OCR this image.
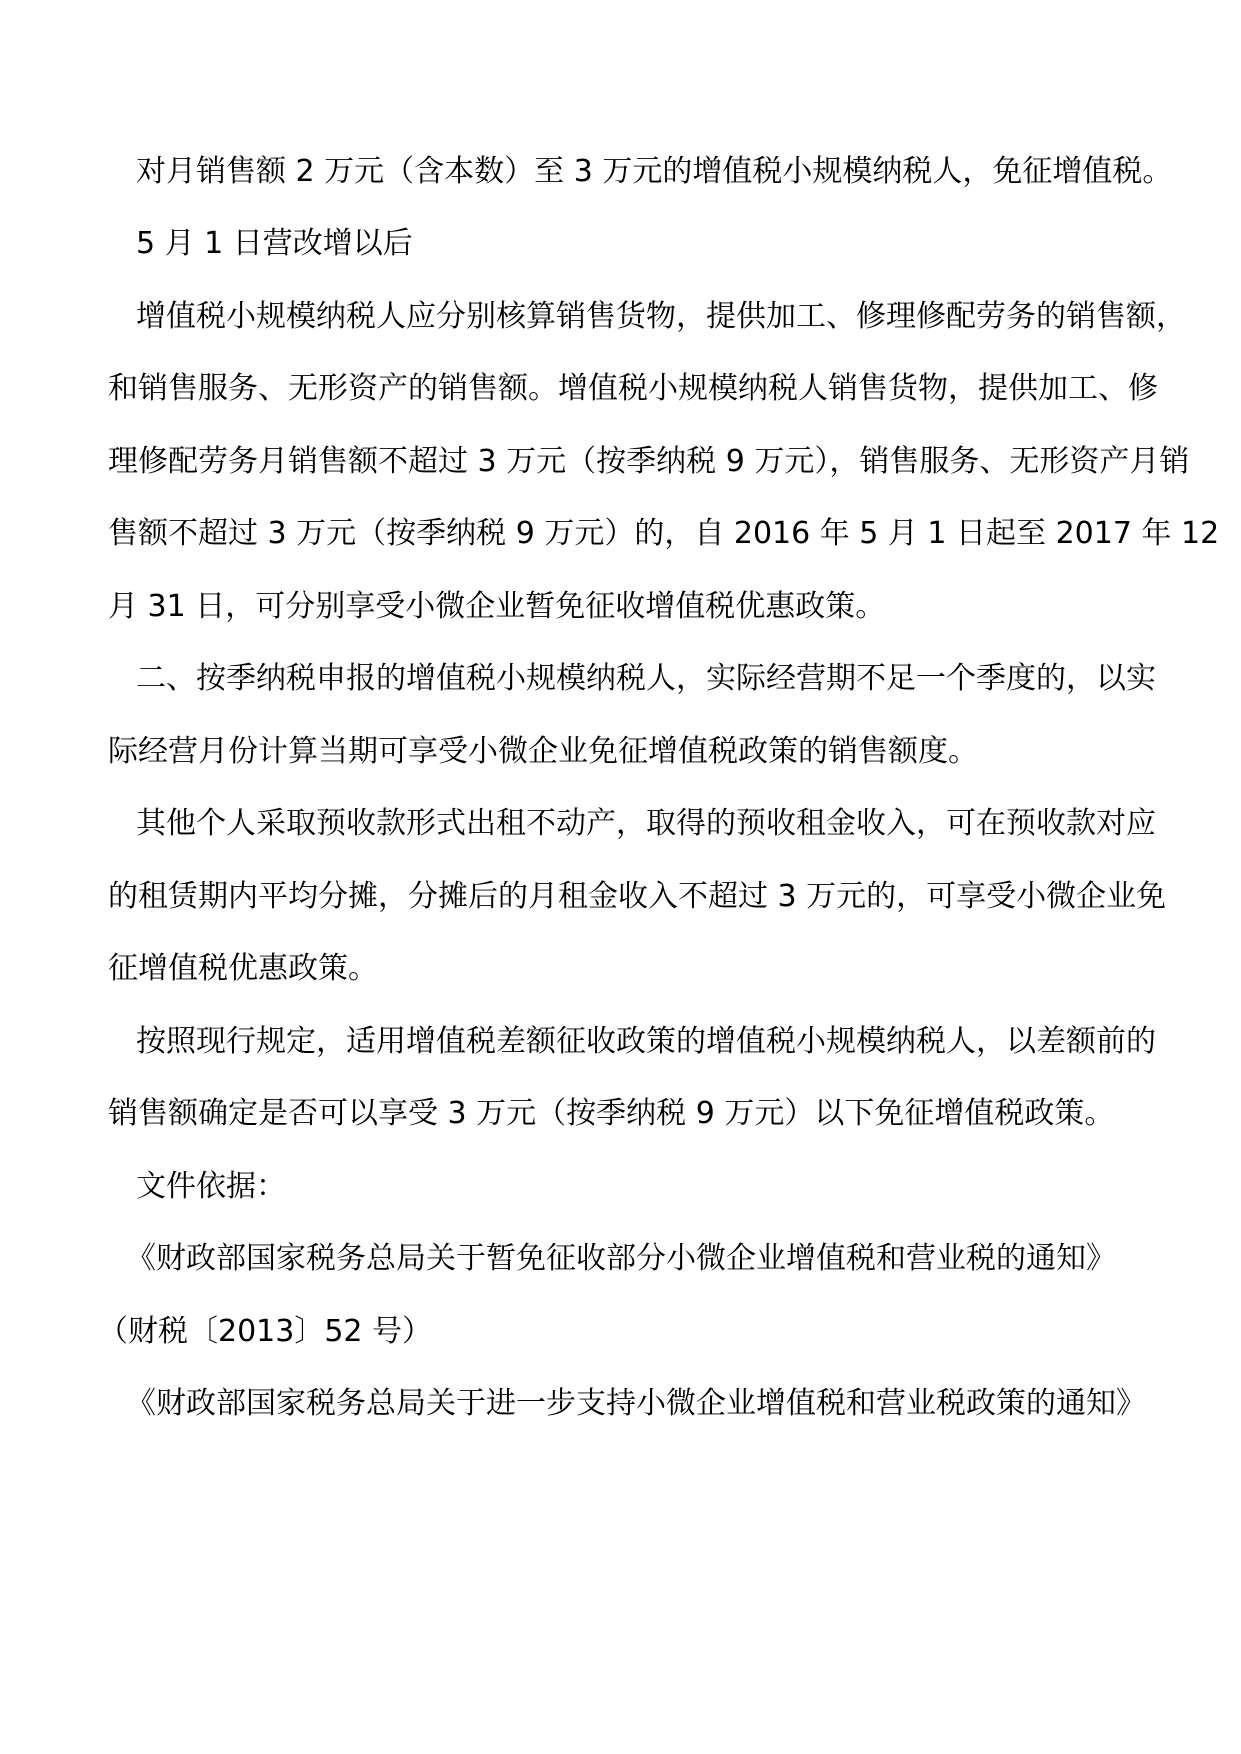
对月销售额 2 万元（含本数）至 3 万元的增值税小规模纳税人，免征增值税。
5 月 1 日营改增以后
增值税小规模纳税人应分别核算销售货物，提供加工、修理修配劳务的销售额，
和销售服务、无形资产的销售额。增值税小规模纳税人销售货物，提供加工、修
理修配劳务月销售额不超过 3 万元（按季纳税 9 万元），销售服务、无形资产月销
售额不超过 3 万元（按季纳税 9 万元）的，自 2016 年 5 月 1 日起至 2017 年 12
月 31 日，可分别享受小微企业暂免征收增值税优惠政策。
二、按季纳税申报的增值税小规模纳税人，实际经营期不足一个季度的，以实
际经营月份计算当期可享受小微企业免征增值税政策的销售额度。
其他个人采取预收款形式出租不动产，取得的预收租金收入，可在预收款对应
的租赁期内平均分摊，分摊后的月租金收入不超过 3 万元的，可享受小微企业免
征增值税优惠政策。
按照现行规定，适用增值税差额征收政策的增值税小规模纳税人，以差额前的
销售额确定是否可以享受 3 万元（按季纳税 9 万元）以下免征增值税政策。
文件依据：
《财政部国家税务总局关于暂免征收部分小微企业增值税和营业税的通知》
（财税〔2013〕52 号）
《财政部国家税务总局关于进一步支持小微企业增值税和营业税政策的通知》
